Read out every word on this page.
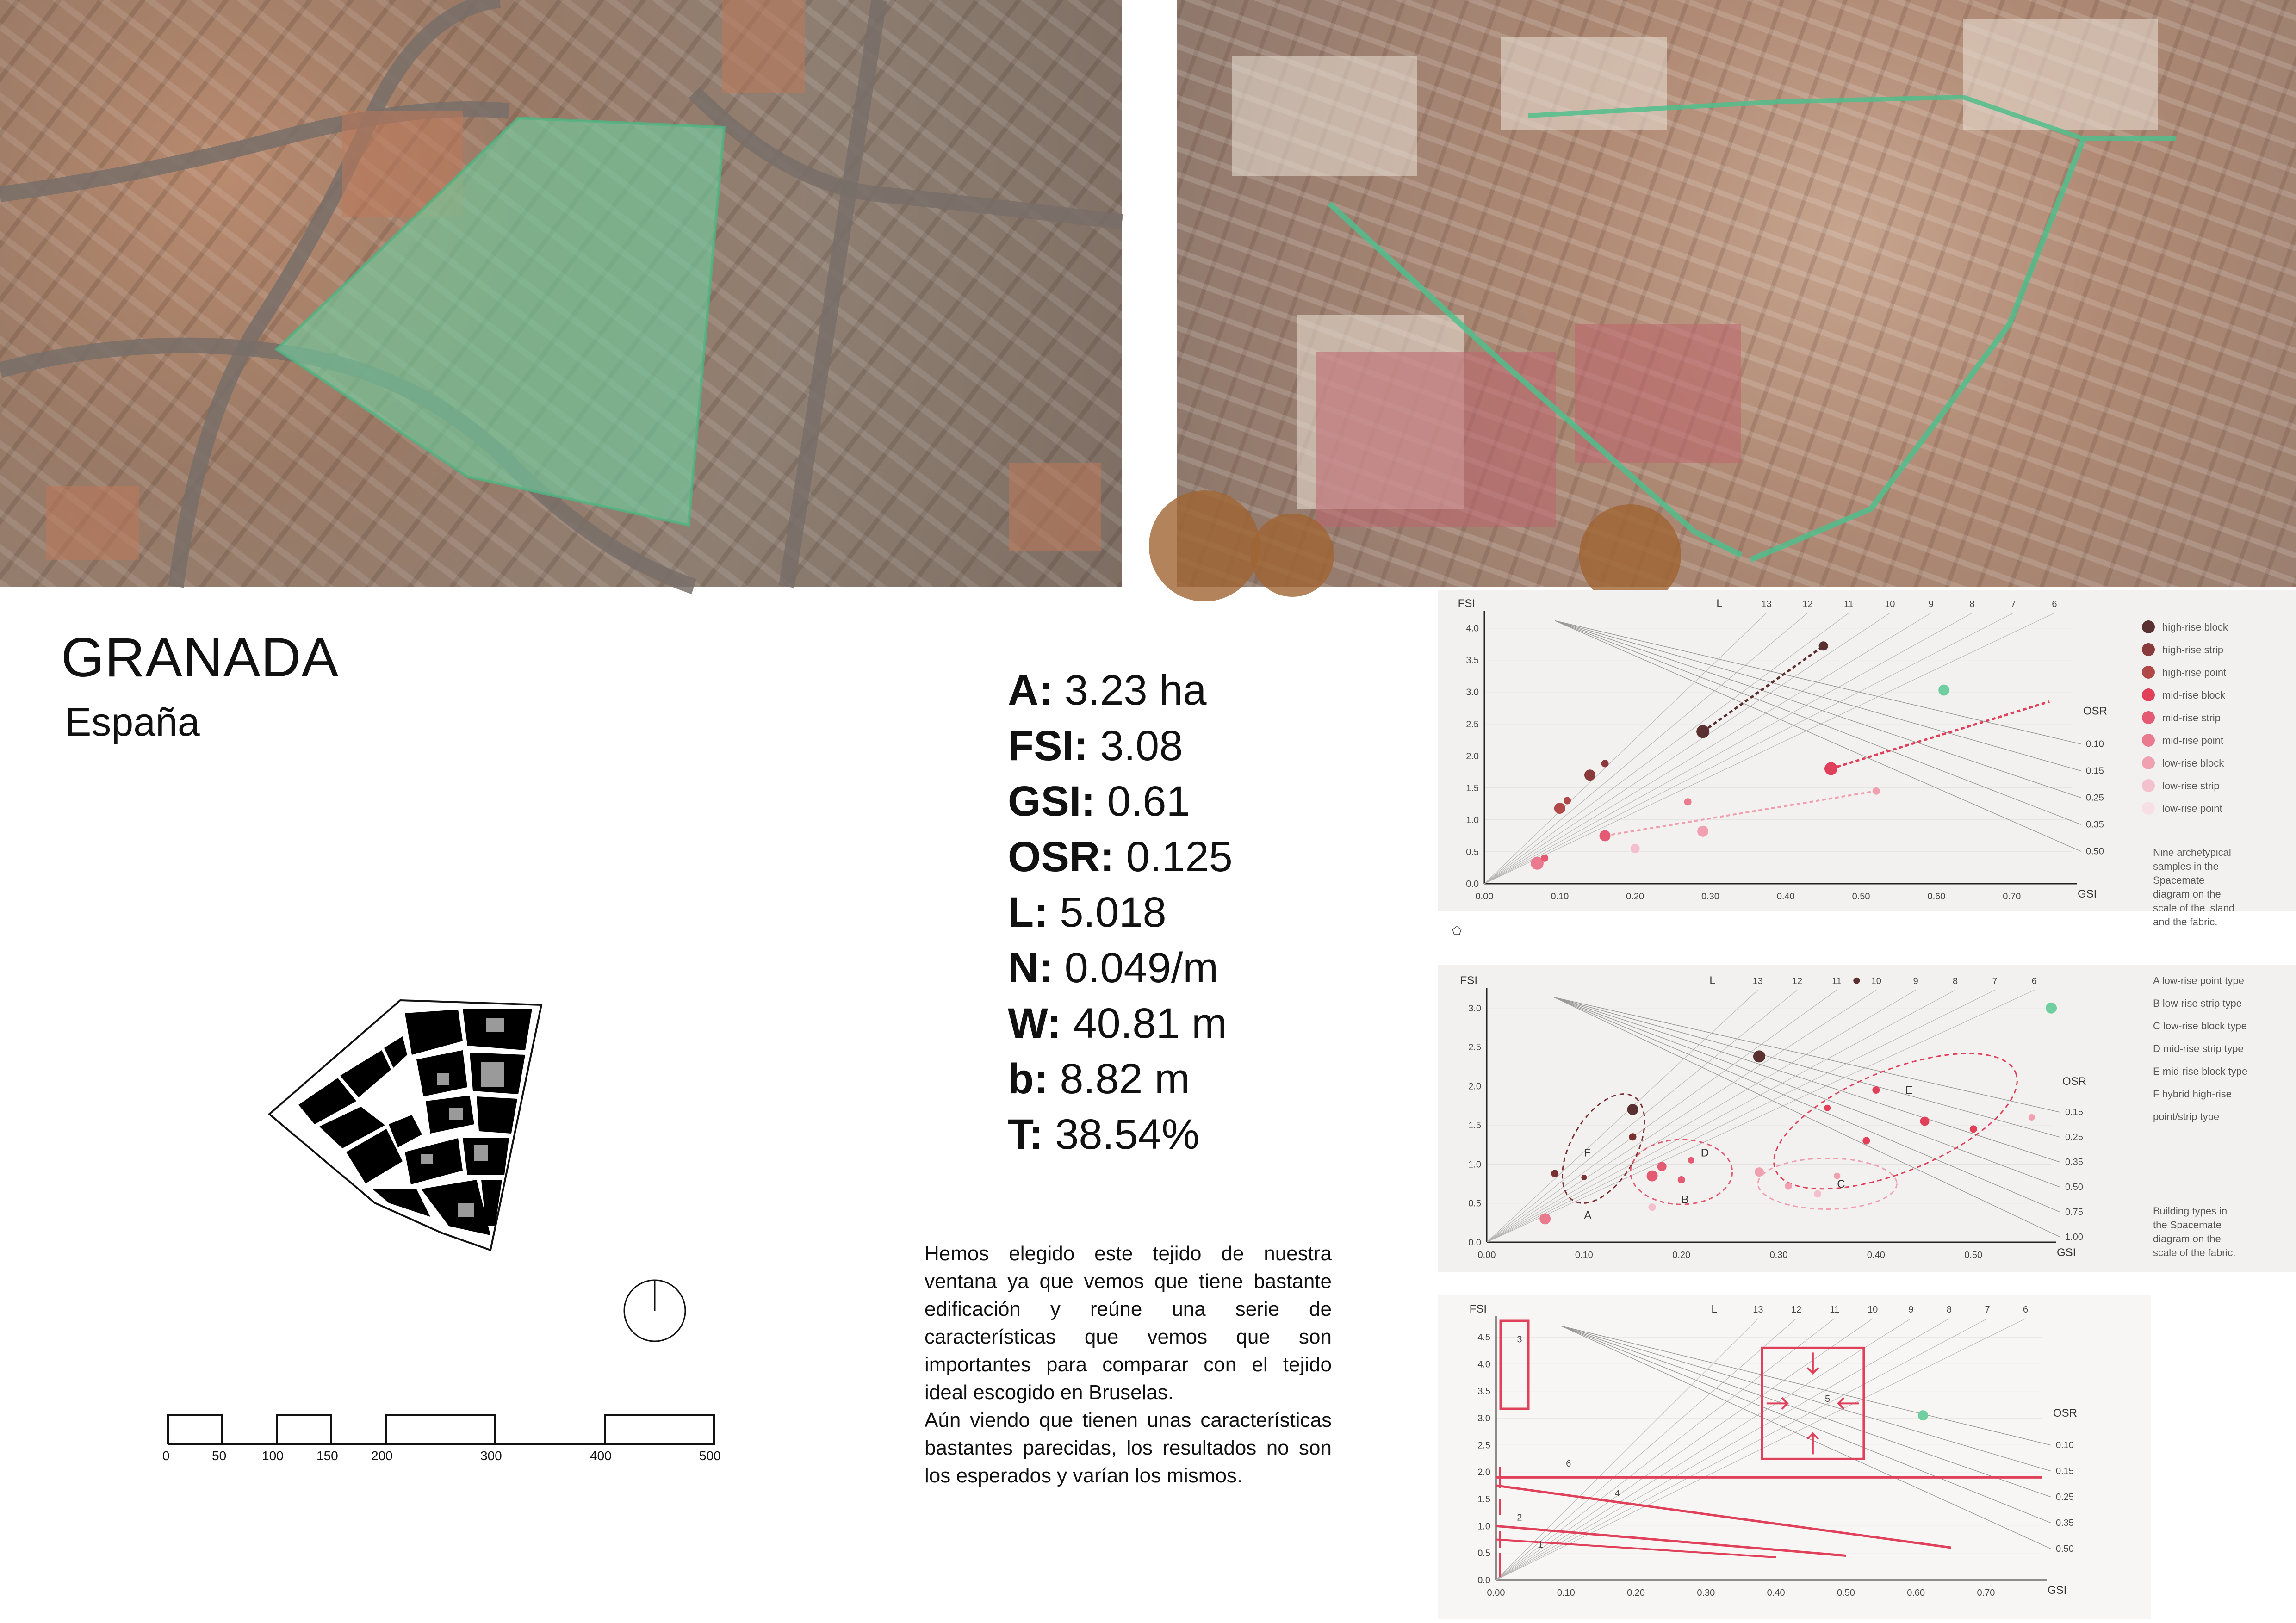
GRANADA
España
A: 3.23 ha
FSI: 3.08
GSI: 0.61
OSR: 0.125
L: 5.018
N: 0.049/m
W: 40.81 m
b: 8.82 m
T: 38.54%
0	50	100	150	200	300	400	500
Hemos elegido este tejido de nuestra ventana ya que vemos que tiene bastante edificación y reúne una serie de características que vemos que son importantes para comparar con el tejido ideal escogido en Bruselas.
Aún viendo que tienen unas características bastantes parecidas, los resultados no son los esperados y varían los mismos.
0.0
0.5
1.0
1.5
2.0
2.5
3.0
3.5
4.0
0.00	0.10	0.20	0.30	0.40	0.50	0.60	0.70
FSI
GSI
0.10
0.15
0.25
0.35
0.50
OSR
13	12	11	10	9	8	7	6
L
high-rise block
high-rise strip
high-rise point
mid-rise block
mid-rise strip
mid-rise point
low-rise block
low-rise strip
low-rise point
Nine archetypical
samples in the
Spacemate
diagram on the
scale of the island
and the fabric.
⬠
0.0
0.5
1.0
1.5
2.0
2.5
3.0
0.00	0.10	0.20	0.30	0.40	0.50
FSI
GSI
0.15
0.25
0.35
0.50
0.75
1.00
OSR
13	12	11	10	9	8	7	6
L
A
B
C
D
E
F
A low-rise point type
B low-rise strip type
C low-rise block type
D mid-rise strip type
E mid-rise block type
F hybrid high-rise
point/strip type
Building types in
the Spacemate
diagram on the
scale of the fabric.
0.0
0.5
1.0
1.5
2.0
2.5
3.0
3.5
4.0
4.5
0.00	0.10	0.20	0.30	0.40	0.50	0.60	0.70
FSI
GSI
0.10
0.15
0.25
0.35
0.50
OSR
13	12	11	10	9	8	7	6
L
1
2
3
4
5
6
